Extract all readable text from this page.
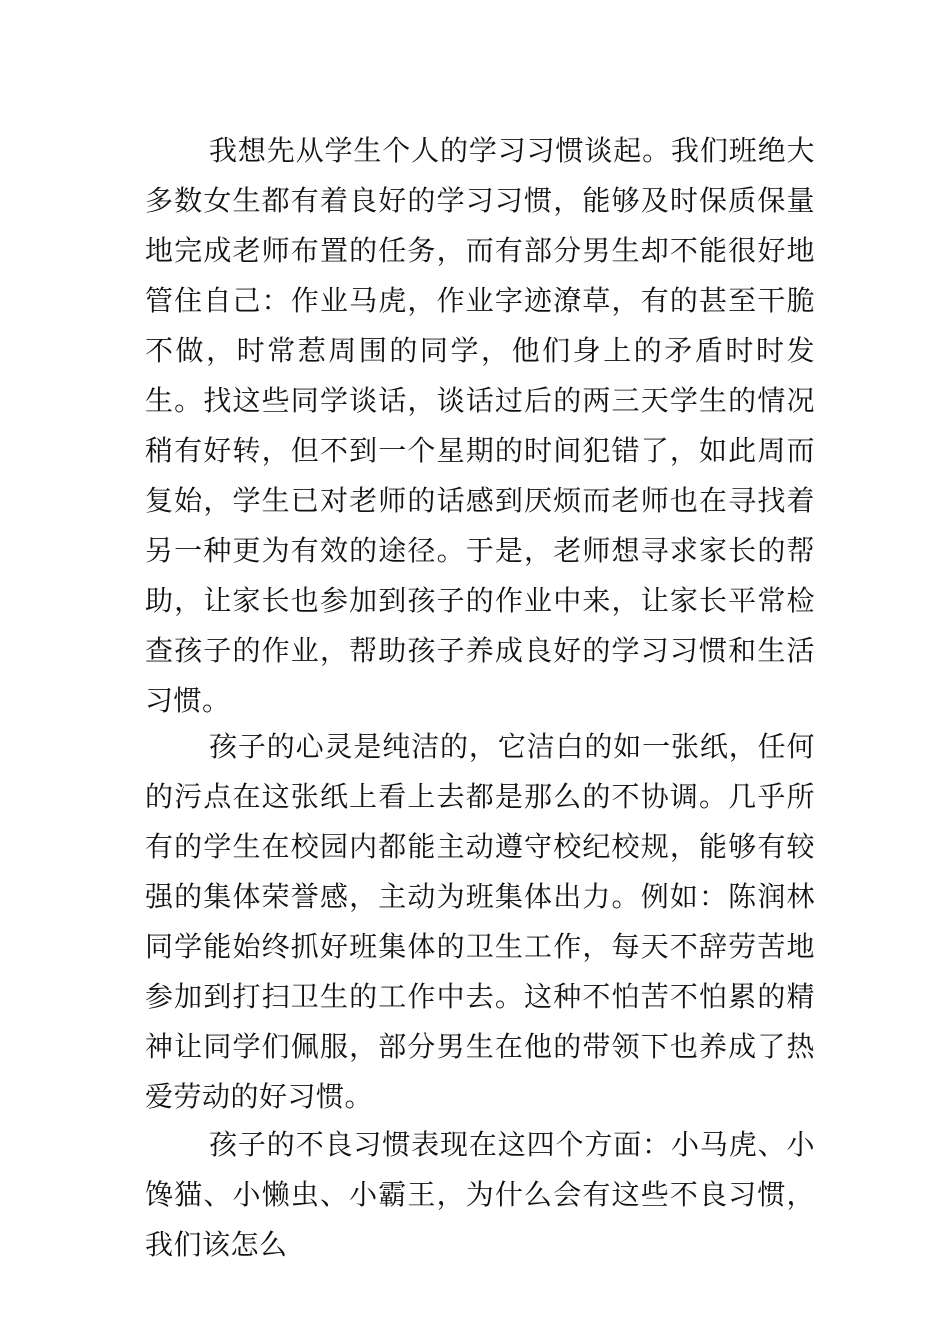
我想先从学生个人的学习习惯谈起。我们班绝大多数女生都有着良好的学习习惯，能够及时保质保量地完成老师布置的任务，而有部分男生却不能很好地管住自己：作业马虎，作业字迹潦草，有的甚至干脆不做，时常惹周围的同学，他们身上的矛盾时时发生。找这些同学谈话，谈话过后的两三天学生的情况稍有好转，但不到一个星期的时间犯错了，如此周而复始，学生已对老师的话感到厌烦而老师也在寻找着另一种更为有效的途径。于是，老师想寻求家长的帮助，让家长也参加到孩子的作业中来，让家长平常检查孩子的作业，帮助孩子养成良好的学习习惯和生活习惯。

孩子的心灵是纯洁的，它洁白的如一张纸，任何的污点在这张纸上看上去都是那么的不协调。几乎所有的学生在校园内都能主动遵守校纪校规，能够有较强的集体荣誉感，主动为班集体出力。例如：陈润林同学能始终抓好班集体的卫生工作，每天不辞劳苦地参加到打扫卫生的工作中去。这种不怕苦不怕累的精神让同学们佩服，部分男生在他的带领下也养成了热爱劳动的好习惯。

孩子的不良习惯表现在这四个方面：小马虎、小馋猫、小懒虫、小霸王，为什么会有这些不良习惯，我们该怎么
